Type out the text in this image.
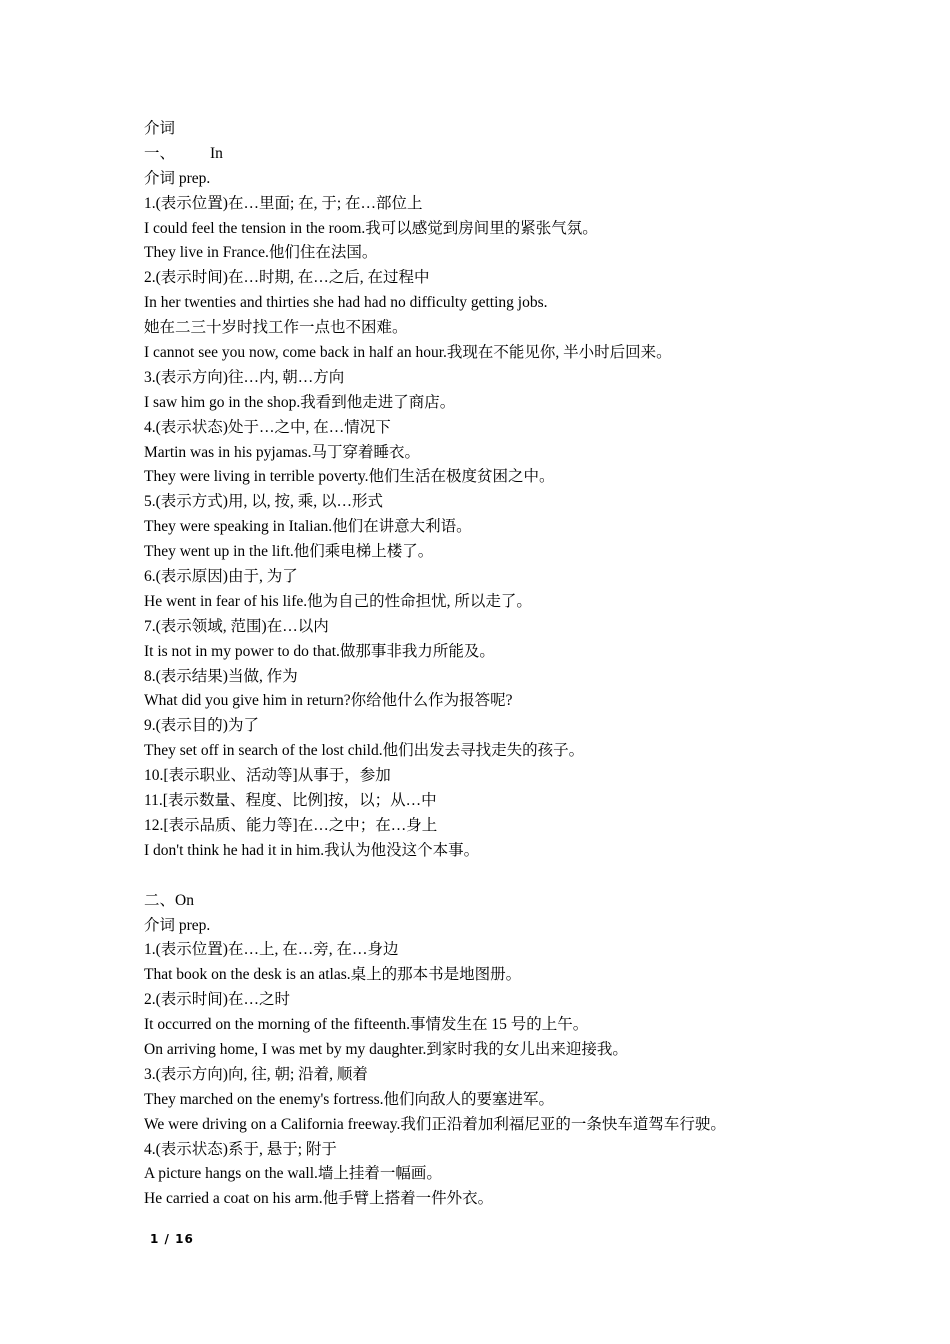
介词
一、 In
介词 prep.
1.(表示位置)在…里面; 在, 于; 在…部位上
I could feel the tension in the room.我可以感觉到房间里的紧张气氛。
They live in France.他们住在法国。
2.(表示时间)在…时期, 在…之后, 在过程中
In her twenties and thirties she had had no difficulty getting jobs.
她在二三十岁时找工作一点也不困难。
I cannot see you now, come back in half an hour.我现在不能见你, 半小时后回来。
3.(表示方向)往…内, 朝…方向
I saw him go in the shop.我看到他走进了商店。
4.(表示状态)处于…之中, 在…情况下
Martin was in his pyjamas.马丁穿着睡衣。
They were living in terrible poverty.他们生活在极度贫困之中。
5.(表示方式)用, 以, 按, 乘, 以…形式
They were speaking in Italian.他们在讲意大利语。
They went up in the lift.他们乘电梯上楼了。
6.(表示原因)由于, 为了
He went in fear of his life.他为自己的性命担忧, 所以走了。
7.(表示领域, 范围)在…以内
It is not in my power to do that.做那事非我力所能及。
8.(表示结果)当做, 作为
What did you give him in return?你给他什么作为报答呢?
9.(表示目的)为了
They set off in search of the lost child.他们出发去寻找走失的孩子。
10.[表示职业、活动等]从事于，参加
11.[表示数量、程度、比例]按，以；从…中
12.[表示品质、能力等]在…之中；在…身上
I don't think he had it in him.我认为他没这个本事。
二、On
介词 prep.
1.(表示位置)在…上, 在…旁, 在…身边
That book on the desk is an atlas.桌上的那本书是地图册。
2.(表示时间)在…之时
It occurred on the morning of the fifteenth.事情发生在 15 号的上午。
On arriving home, I was met by my daughter.到家时我的女儿出来迎接我。
3.(表示方向)向, 往, 朝; 沿着, 顺着
They marched on the enemy's fortress.他们向敌人的要塞进军。
We were driving on a California freeway.我们正沿着加利福尼亚的一条快车道驾车行驶。
4.(表示状态)系于, 悬于; 附于
A picture hangs on the wall.墙上挂着一幅画。
He carried a coat on his arm.他手臂上搭着一件外衣。
1 / 16
